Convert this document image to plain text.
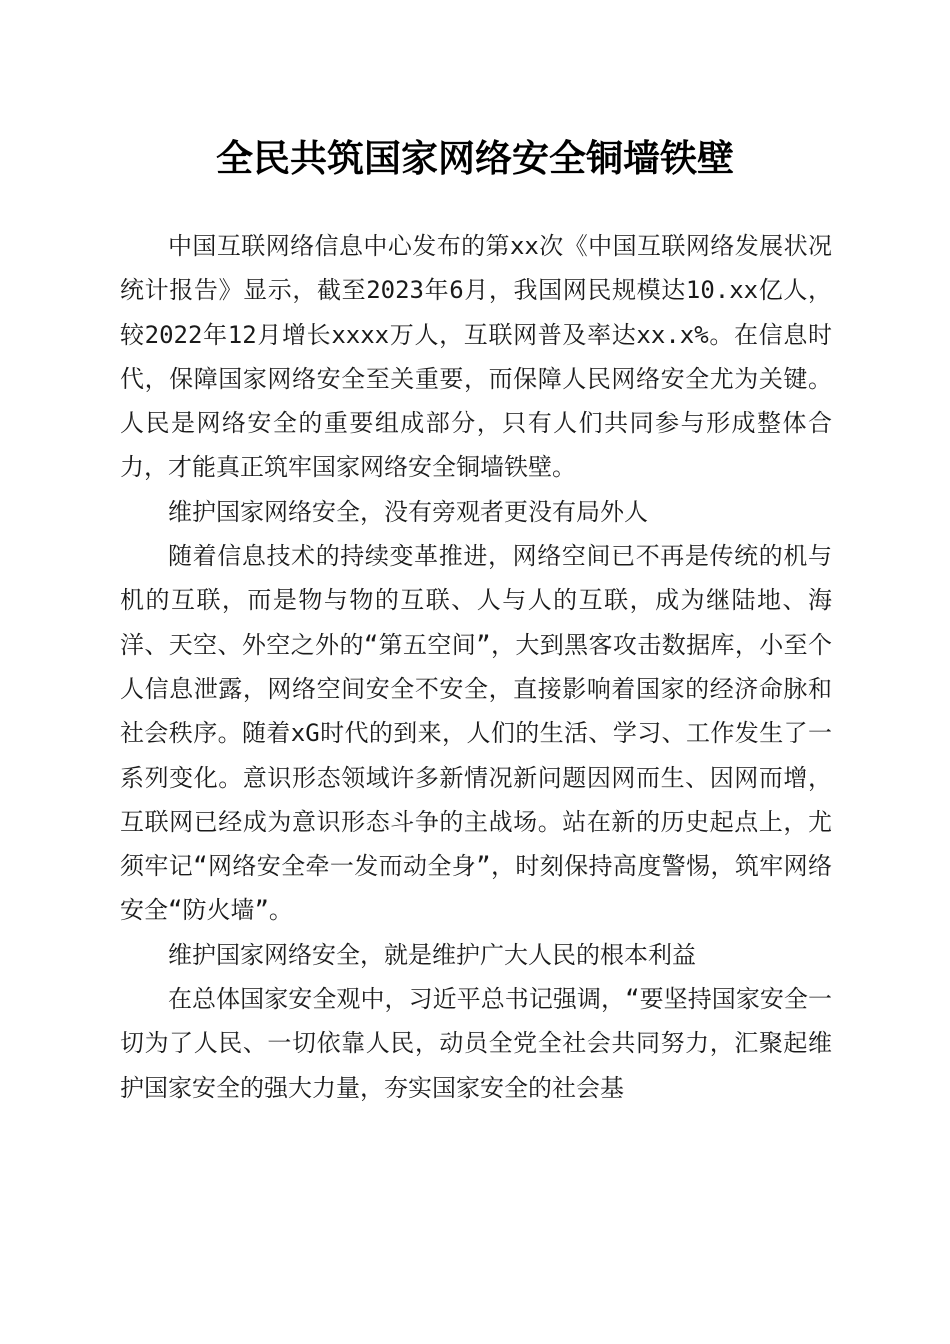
全民共筑国家网络安全铜墙铁壁

中国互联网络信息中心发布的第xx次《中国互联网络发展状况统计报告》显示，截至2023年6月，我国网民规模达10.xx亿人，较2022年12月增长xxxx万人，互联网普及率达xx.x%。在信息时代，保障国家网络安全至关重要，而保障人民网络安全尤为关键。人民是网络安全的重要组成部分，只有人们共同参与形成整体合力，才能真正筑牢国家网络安全铜墙铁壁。

维护国家网络安全，没有旁观者更没有局外人

随着信息技术的持续变革推进，网络空间已不再是传统的机与机的互联，而是物与物的互联、人与人的互联，成为继陆地、海洋、天空、外空之外的“第五空间”，大到黑客攻击数据库，小至个人信息泄露，网络空间安全不安全，直接影响着国家的经济命脉和社会秩序。随着xG时代的到来，人们的生活、学习、工作发生了一系列变化。意识形态领域许多新情况新问题因网而生、因网而增，互联网已经成为意识形态斗争的主战场。站在新的历史起点上，尤须牢记“网络安全牵一发而动全身”，时刻保持高度警惕，筑牢网络安全“防火墙”。

维护国家网络安全，就是维护广大人民的根本利益

在总体国家安全观中，习近平总书记强调，“要坚持国家安全一切为了人民、一切依靠人民，动员全党全社会共同努力，汇聚起维护国家安全的强大力量，夯实国家安全的社会基
